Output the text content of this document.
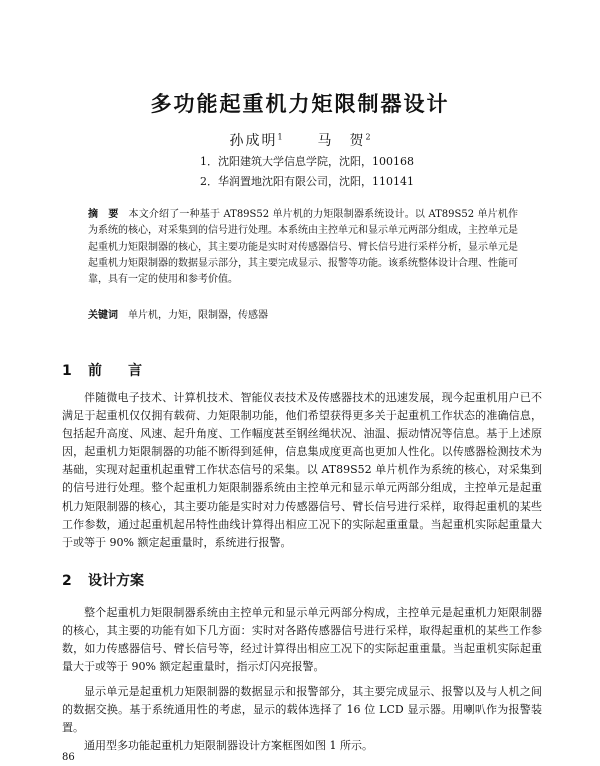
多功能起重机力矩限制器设计
孙成明$^1$ 马　贺$^2$
1．沈阳建筑大学信息学院，沈阳，100168
2．华润置地沈阳有限公司，沈阳，110141
摘　要 本文介绍了一种基于 AT89S52 单片机的力矩限制器系统设计。以 AT89S52 单片机作为系统的核心，对采集到的信号进行处理。本系统由主控单元和显示单元两部分组成，主控单元是起重机力矩限制器的核心，其主要功能是实时对传感器信号、臂长信号进行采样分析，显示单元是起重机力矩限制器的数据显示部分，其主要完成显示、报警等功能。该系统整体设计合理、性能可靠，具有一定的使用和参考价值。
关键词 单片机，力矩，限制器，传感器
1 前　言
伴随微电子技术、计算机技术、智能仪表技术及传感器技术的迅速发展，现今起重机用户已不满足于起重机仅仅拥有载荷、力矩限制功能，他们希望获得更多关于起重机工作状态的准确信息，包括起升高度、风速、起升角度、工作幅度甚至钢丝绳状况、油温、振动情况等信息。基于上述原因，起重机力矩限制器的功能不断得到延伸，信息集成度更高也更加人性化。以传感器检测技术为基础，实现对起重机起重臂工作状态信号的采集。以 AT89S52 单片机作为系统的核心，对采集到的信号进行处理。整个起重机力矩限制器系统由主控单元和显示单元两部分组成，主控单元是起重机力矩限制器的核心，其主要功能是实时对力传感器信号、臂长信号进行采样，取得起重机的某些工作参数，通过起重机起吊特性曲线计算得出相应工况下的实际起重重量。当起重机实际起重量大于或等于 90% 额定起重量时，系统进行报警。
2 设计方案
整个起重机力矩限制器系统由主控单元和显示单元两部分构成，主控单元是起重机力矩限制器的核心，其主要的功能有如下几方面：实时对各路传感器信号进行采样，取得起重机的某些工作参数，如力传感器信号、臂长信号等，经过计算得出相应工况下的实际起重重量。当起重机实际起重量大于或等于 90% 额定起重量时，指示灯闪亮报警。
显示单元是起重机力矩限制器的数据显示和报警部分，其主要完成显示、报警以及与人机之间的数据交换。基于系统通用性的考虑，显示的载体选择了 16 位 LCD 显示器。用喇叭作为报警装置。
通用型多功能起重机力矩限制器设计方案框图如图 1 所示。
86
